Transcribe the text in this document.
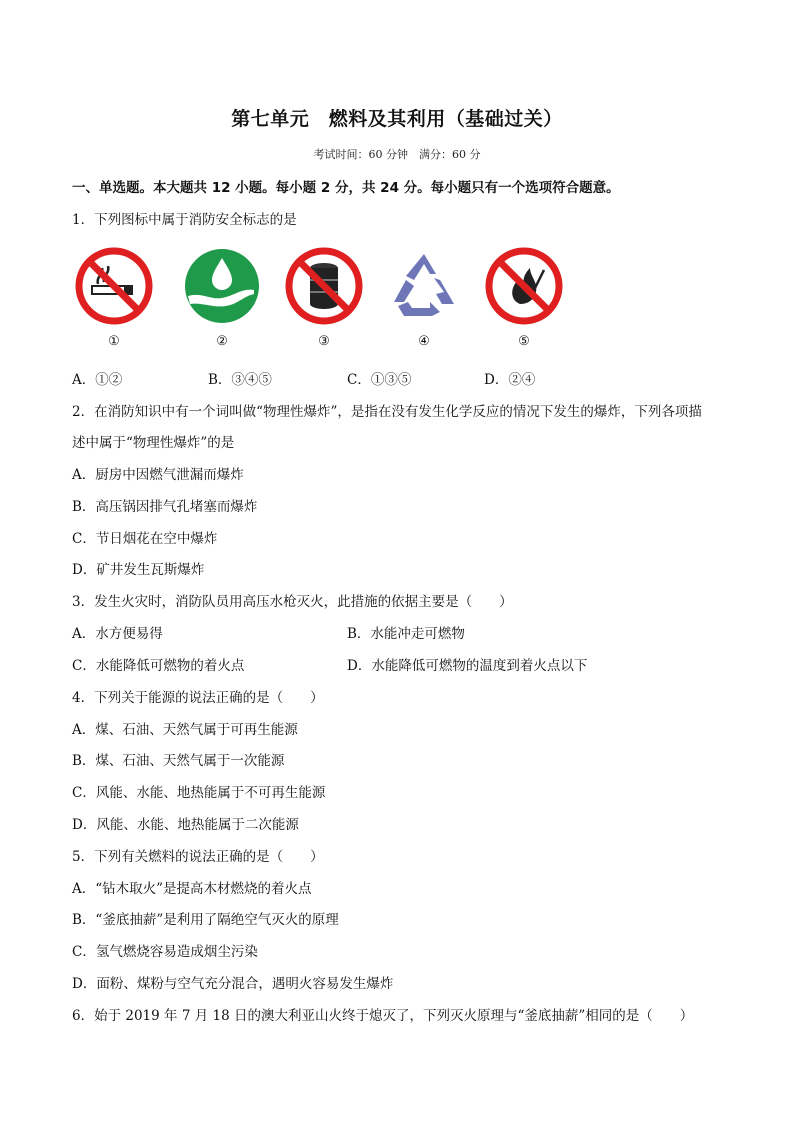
第七单元　燃料及其利用（基础过关）
考试时间：60 分钟　满分：60 分
一、单选题。本大题共 12 小题。每小题 2 分，共 24 分。每小题只有一个选项符合题意。
1．下列图标中属于消防安全标志的是
①	②	③	④	⑤
A．①②	B．③④⑤	C．①③⑤	D．②④
2．在消防知识中有一个词叫做“物理性爆炸”，是指在没有发生化学反应的情况下发生的爆炸，下列各项描
述中属于“物理性爆炸”的是
A．厨房中因燃气泄漏而爆炸
B．高压锅因排气孔堵塞而爆炸
C．节日烟花在空中爆炸
D．矿井发生瓦斯爆炸
3．发生火灾时，消防队员用高压水枪灭火，此措施的依据主要是（　　）
A．水方便易得	B．水能冲走可燃物
C．水能降低可燃物的着火点	D．水能降低可燃物的温度到着火点以下
4．下列关于能源的说法正确的是（　　）
A．煤、石油、天然气属于可再生能源
B．煤、石油、天然气属于一次能源
C．风能、水能、地热能属于不可再生能源
D．风能、水能、地热能属于二次能源
5．下列有关燃料的说法正确的是（　　）
A．“钻木取火”是提高木材燃烧的着火点
B．“釜底抽薪”是利用了隔绝空气灭火的原理
C．氢气燃烧容易造成烟尘污染
D．面粉、煤粉与空气充分混合，遇明火容易发生爆炸
6．始于 2019 年 7 月 18 日的澳大利亚山火终于熄灭了，下列灭火原理与“釜底抽薪”相同的是（　　）
